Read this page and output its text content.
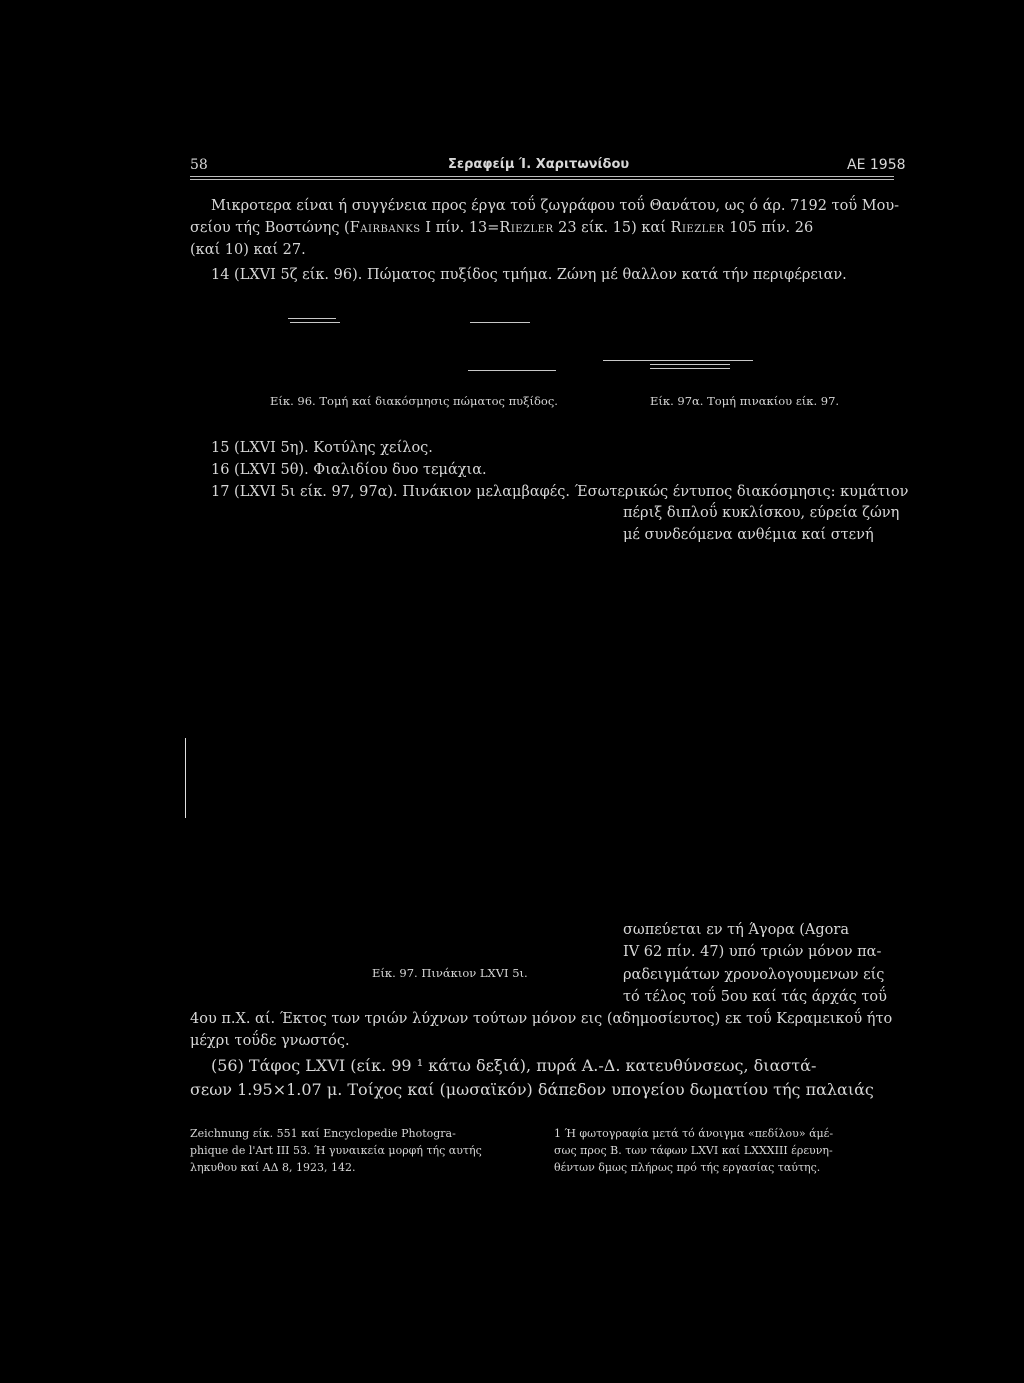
58	Σεραφείμ Ί. Χαριτωνίδου	ΑΕ 1958
Μικροτερα είναι ή συγγένεια προς έργα τοΰ ζωγράφου τοΰ Θανάτου, ως ό άρ. 7192 τοΰ Μου-
σείου τής Βοστώνης (Fairbanks I πίν. 13=Riezler 23 είκ. 15) καί Riezler 105 πίν. 26
(καί 10) καί 27.
14 (LXVI 5ζ είκ. 96). Πώματος πυξίδος τμήμα. Ζώνη μέ θαλλον κατά τήν περιφέρειαν.
Είκ. 96. Τομή καί διακόσμησις πώματος πυξίδος.	Είκ. 97α. Τομή πινακίου είκ. 97.
15 (LXVI 5η). Κοτύλης χείλος.
16 (LXVI 5θ). Φιαλιδίου δυο τεμάχια.
17 (LXVI 5ι είκ. 97, 97α). Πινάκιον μελαμβαφές. Έσωτερικώς έντυπος διακόσμησις: κυμάτιον
πέριξ διπλοΰ κυκλίσκου, εύρεία ζώνη
μέ συνδεόμενα ανθέμια καί στενή
σωπεύεται εν τή Άγορα (Agora
IV 62 πίν. 47) υπό τριών μόνον πα-
ραδειγμάτων χρονολογουμενων είς
τό τέλος τοΰ 5ου καί τάς άρχάς τοΰ
Είκ. 97. Πινάκιον LXVI 5ι.
4ου π.Χ. αί. Έκτος των τριών λύχνων τούτων μόνον εις (αδημοσίευτος) εκ τοΰ Κεραμεικοΰ ήτο
μέχρι τοΰδε γνωστός.
(56) Τάφος LXVI (είκ. 99 ¹ κάτω δεξιά), πυρά Α.-Δ. κατευθύνσεως, διαστά-
σεων 1.95×1.07 μ. Τοίχος καί (μωσαϊκόν) δάπεδον υπογείου δωματίου τής παλαιάς
Zeichnung είκ. 551 καί Encyclopedie Photogra-
phique de l'Art III 53. Ή γυναικεία μορφή τής αυτής
ληκυθου καί ΑΔ 8, 1923, 142.
1 Ή φωτογραφία μετά τό άνοιγμα «πεδίλου» άμέ-
σως προς Β. των τάφων LXVI καί LXXXIII έρευνη-
θέντων δμως πλήρως πρό τής εργασίας ταύτης.
